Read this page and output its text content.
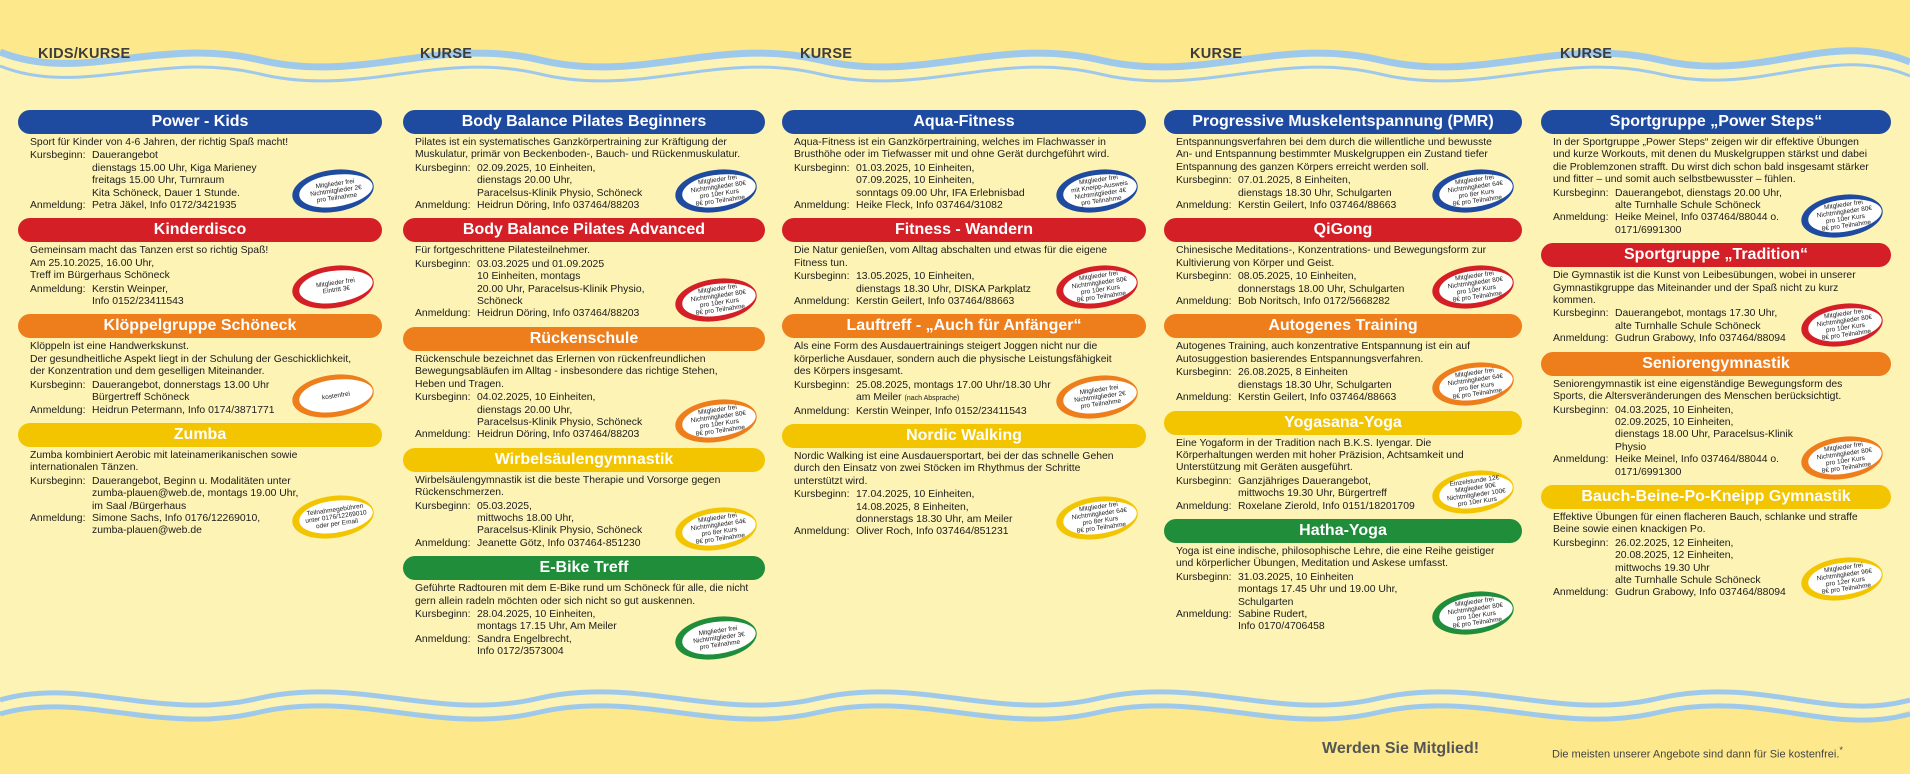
KIDS/KURSE
Power - Kids
Sport für Kinder von 4-6 Jahren, der richtig Spaß macht!
Kursbeginn: Dauerangebot
dienstags 15.00 Uhr, Kiga Marieney
freitags 15.00 Uhr, Turnraum
Kita Schöneck, Dauer 1 Stunde.
Anmeldung: Petra Jäkel, Info 0172/3421935
Mitglieder frei
Nichtmitglieder 2€
pro Teilnahme
Kinderdisco
Gemeinsam macht das Tanzen erst so richtig Spaß!
Am 25.10.2025, 16.00 Uhr,
Treff im Bürgerhaus Schöneck
Anmeldung: Kerstin Weinper,
Info 0152/23411543
Mitglieder frei
Eintritt 3€
Klöppelgruppe Schöneck
Klöppeln ist eine Handwerkskunst.
Der gesundheitliche Aspekt liegt in der Schulung der Geschicklichkeit, der Konzentration und dem geselligen Miteinander.
Kursbeginn: Dauerangebot, donnerstags 13.00 Uhr
Bürgertreff Schöneck
Anmeldung: Heidrun Petermann, Info 0174/3871771
kostenfrei
Zumba
Zumba kombiniert Aerobic mit lateinamerikanischen sowie internationalen Tänzen.
Kursbeginn: Dauerangebot, Beginn u. Modalitäten unter
zumba-plauen@web.de, montags 19.00 Uhr,
im Saal /Bürgerhaus
Anmeldung: Simone Sachs, Info 0176/12269010,
zumba-plauen@web.de
Teilnahmegebühren
unter 0176/12269010
oder per Email
KURSE
Body Balance Pilates Beginners
Pilates ist ein systematisches Ganzkörpertraining zur Kräftigung der Muskulatur, primär von Beckenboden-, Bauch- und Rückenmuskulatur.
Kursbeginn: 02.09.2025, 10 Einheiten,
dienstags 20.00 Uhr,
Paracelsus-Klinik Physio, Schöneck
Anmeldung: Heidrun Döring, Info 037464/88203
Mitglieder frei
Nichtmitglieder 80€
pro 10er Kurs
8€ pro Teilnahme
Body Balance Pilates Advanced
Für fortgeschrittene Pilatesteilnehmer.
Kursbeginn: 03.03.2025 und 01.09.2025
10 Einheiten, montags
20.00 Uhr, Paracelsus-Klinik Physio, Schöneck
Anmeldung: Heidrun Döring, Info 037464/88203
Mitglieder frei
Nichtmitglieder 80€
pro 10er Kurs
8€ pro Teilnahme
Rückenschule
Rückenschule bezeichnet das Erlernen von rückenfreundlichen Bewegungsabläufen im Alltag - insbesondere das richtige Stehen, Heben und Tragen.
Kursbeginn: 04.02.2025, 10 Einheiten,
dienstags 20.00 Uhr,
Paracelsus-Klinik Physio, Schöneck
Anmeldung: Heidrun Döring, Info 037464/88203
Mitglieder frei
Nichtmitglieder 80€
pro 10er Kurs
8€ pro Teilnahme
Wirbelsäulengymnastik
Wirbelsäulengymnastik ist die beste Therapie und Vorsorge gegen Rückenschmerzen.
Kursbeginn: 05.03.2025,
mittwochs 18.00 Uhr,
Paracelsus-Klinik Physio, Schöneck
Anmeldung: Jeanette Götz, Info 037464-851230
Mitglieder frei
Nichtmitglieder 64€
pro 8er Kurs
8€ pro Teilnahme
E-Bike Treff
Geführte Radtouren mit dem E-Bike rund um Schöneck für alle, die nicht gern allein radeln möchten oder sich nicht so gut auskennen.
Kursbeginn: 28.04.2025, 10 Einheiten,
montags 17.15 Uhr, Am Meiler
Anmeldung: Sandra Engelbrecht,
Info 0172/3573004
Mitglieder frei
Nichtmitglieder 3€
pro Teilnahme
KURSE
Aqua-Fitness
Aqua-Fitness ist ein Ganzkörpertraining, welches im Flachwasser in Brusthöhe oder im Tiefwasser mit und ohne Gerät durchgeführt wird.
Kursbeginn: 01.03.2025, 10 Einheiten,
07.09.2025, 10 Einheiten,
sonntags 09.00 Uhr, IFA Erlebnisbad
Anmeldung: Heike Fleck, Info 037464/31082
Mitglieder frei
mit Kneipp-Ausweis
Nichtmitglieder 4€
pro Teilnahme
Fitness - Wandern
Die Natur genießen, vom Alltag abschalten und etwas für die eigene Fitness tun.
Kursbeginn: 13.05.2025, 10 Einheiten,
dienstags 18.30 Uhr, DISKA Parkplatz
Anmeldung: Kerstin Geilert, Info 037464/88663
Mitglieder frei
Nichtmitglieder 80€
pro 10er Kurs
8€ pro Teilnahme
Lauftreff - „Auch für Anfänger“
Als eine Form des Ausdauertrainings steigert Joggen nicht nur die körperliche Ausdauer, sondern auch die physische Leistungsfähigkeit des Körpers insgesamt.
Kursbeginn: 25.08.2025, montags 17.00 Uhr/18.30 Uhr
am Meiler (nach Absprache)
Anmeldung: Kerstin Weinper, Info 0152/23411543
Mitglieder frei
Nichtmitglieder 2€
pro Teilnahme
Nordic Walking
Nordic Walking ist eine Ausdauersportart, bei der das schnelle Gehen durch den Einsatz von zwei Stöcken im Rhythmus der Schritte unterstützt wird.
Kursbeginn: 17.04.2025, 10 Einheiten,
14.08.2025, 8 Einheiten,
donnerstags 18.30 Uhr, am Meiler
Anmeldung: Oliver Roch, Info 037464/851231
Mitglieder frei
Nichtmitglieder 64€
pro 8er Kurs
8€ pro Teilnahme
KURSE
Progressive Muskelentspannung (PMR)
Entspannungsverfahren bei dem durch die willentliche und bewusste An- und Entspannung bestimmter Muskelgruppen ein Zustand tiefer Entspannung des ganzen Körpers erreicht werden soll.
Kursbeginn: 07.01.2025, 8 Einheiten,
dienstags 18.30 Uhr, Schulgarten
Anmeldung: Kerstin Geilert, Info 037464/88663
Mitglieder frei
Nichtmitglieder 64€
pro 8er Kurs
8€ pro Teilnahme
QiGong
Chinesische Meditations-, Konzentrations- und Bewegungsform zur Kultivierung von Körper und Geist.
Kursbeginn: 08.05.2025, 10 Einheiten,
donnerstags 18.00 Uhr, Schulgarten
Anmeldung: Bob Noritsch, Info 0172/5668282
Mitglieder frei
Nichtmitglieder 80€
pro 10er Kurs
8€ pro Teilnahme
Autogenes Training
Autogenes Training, auch konzentrative Entspannung ist ein auf Autosuggestion basierendes Entspannungsverfahren.
Kursbeginn: 26.08.2025, 8 Einheiten
dienstags 18.30 Uhr, Schulgarten
Anmeldung: Kerstin Geilert, Info 037464/88663
Mitglieder frei
Nichtmitglieder 64€
pro 8er Kurs
8€ pro Teilnahme
Yogasana-Yoga
Eine Yogaform in der Tradition nach B.K.S. Iyengar. Die Körperhaltungen werden mit hoher Präzision, Achtsamkeit und Unterstützung mit Geräten ausgeführt.
Kursbeginn: Ganzjähriges Dauerangebot,
mittwochs 19.30 Uhr, Bürgertreff
Anmeldung: Roxelane Zierold, Info 0151/18201709
Einzelstunde 12€
Mitglieder 90€
Nichtmitglieder 100€
pro 10er Kurs
Hatha-Yoga
Yoga ist eine indische, philosophische Lehre, die eine Reihe geistiger und körperlicher Übungen, Meditation und Askese umfasst.
Kursbeginn: 31.03.2025, 10 Einheiten
montags 17.45 Uhr und 19.00 Uhr,
Schulgarten
Anmeldung: Sabine Rudert,
Info 0170/4706458
Mitglieder frei
Nichtmitglieder 80€
pro 10er Kurs
8€ pro Teilnahme
KURSE
Sportgruppe „Power Steps“
In der Sportgruppe „Power Steps“ zeigen wir dir effektive Übungen und kurze Workouts, mit denen du Muskelgruppen stärkst und dabei die Problemzonen strafft. Du wirst dich schon bald insgesamt stärker und fitter – und somit auch selbstbewusster – fühlen.
Kursbeginn: Dauerangebot, dienstags 20.00 Uhr,
alte Turnhalle Schule Schöneck
Anmeldung: Heike Meinel, Info 037464/88044 o. 0171/6991300
Mitglieder frei
Nichtmitglieder 80€
pro 10er Kurs
8€ pro Teilnahme
Sportgruppe „Tradition“
Die Gymnastik ist die Kunst von Leibesübungen, wobei in unserer Gymnastikgruppe das Miteinander und der Spaß nicht zu kurz kommen.
Kursbeginn: Dauerangebot, montags 17.30 Uhr,
alte Turnhalle Schule Schöneck
Anmeldung: Gudrun Grabowy, Info 037464/88094
Mitglieder frei
Nichtmitglieder 80€
pro 10er Kurs
8€ pro Teilnahme
Seniorengymnastik
Seniorengymnastik ist eine eigenständige Bewegungsform des Sports, die Altersveränderungen des Menschen berücksichtigt.
Kursbeginn: 04.03.2025, 10 Einheiten,
02.09.2025, 10 Einheiten,
dienstags 18.00 Uhr, Paracelsus-Klinik Physio
Anmeldung: Heike Meinel, Info 037464/88044 o. 0171/6991300
Mitglieder frei
Nichtmitglieder 80€
pro 10er Kurs
8€ pro Teilnahme
Bauch-Beine-Po-Kneipp Gymnastik
Effektive Übungen für einen flacheren Bauch, schlanke und straffe Beine sowie einen knackigen Po.
Kursbeginn: 26.02.2025, 12 Einheiten,
20.08.2025, 12 Einheiten,
mittwochs 19.30 Uhr
alte Turnhalle Schule Schöneck
Anmeldung: Gudrun Grabowy, Info 037464/88094
Mitglieder frei
Nichtmitglieder 96€
pro 12er Kurs
8€ pro Teilnahme
Werden Sie Mitglied!	Die meisten unserer Angebote sind dann für Sie kostenfrei.*
